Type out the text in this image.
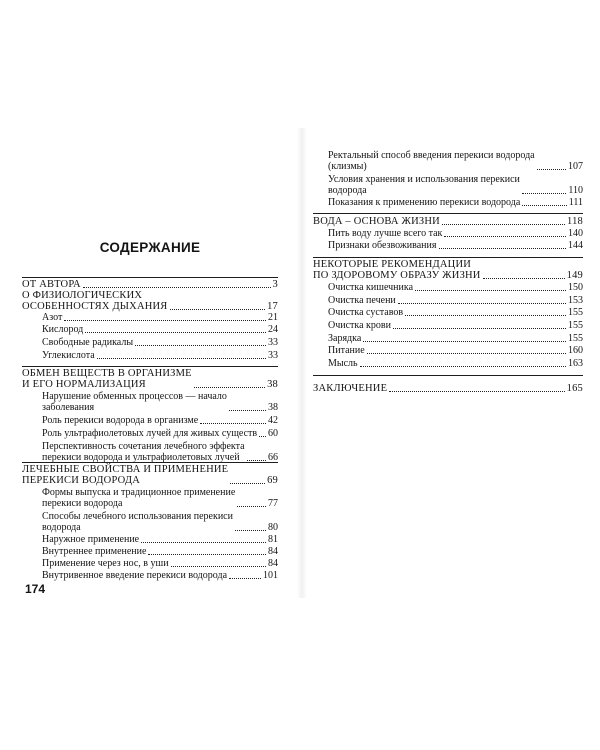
СОДЕРЖАНИЕ
ОТ АВТОРА	3
О ФИЗИОЛОГИЧЕСКИХ
ОСОБЕННОСТЯХ ДЫХАНИЯ	17
Азот	21
Кислород	24
Свободные радикалы	33
Углекислота	33
ОБМЕН ВЕЩЕСТВ В ОРГАНИЗМЕ
И ЕГО НОРМАЛИЗАЦИЯ	38
Нарушение обменных процессов — начало
заболевания	38
Роль перекиси водорода в организме	42
Роль ультрафиолетовых лучей для живых существ 60
Перспективность сочетания лечебного эффекта
перекиси водорода и ультрафиолетовых лучей	66
ЛЕЧЕБНЫЕ СВОЙСТВА И ПРИМЕНЕНИЕ
ПЕРЕКИСИ ВОДОРОДА	69
Формы выпуска и традиционное применение
перекиси водорода	77
Способы лечебного использования перекиси
водорода	80
Наружное применение	81
Внутреннее применение	84
Применение через нос, в уши	84
Внутривенное введение перекиси водорода	101
174
Ректальный способ введения перекиси водорода
(клизмы)	107
Условия хранения и использования перекиси
водорода	110
Показания к применению перекиси водорода	111
ВОДА – ОСНОВА ЖИЗНИ	118
Пить воду лучше всего так	140
Признаки обезвоживания	144
НЕКОТОРЫЕ РЕКОМЕНДАЦИИ
ПО ЗДОРОВОМУ ОБРАЗУ ЖИЗНИ	149
Очистка кишечника	150
Очистка печени	153
Очистка суставов	155
Очистка крови	155
Зарядка	155
Питание	160
Мысль	163
ЗАКЛЮЧЕНИЕ	165
